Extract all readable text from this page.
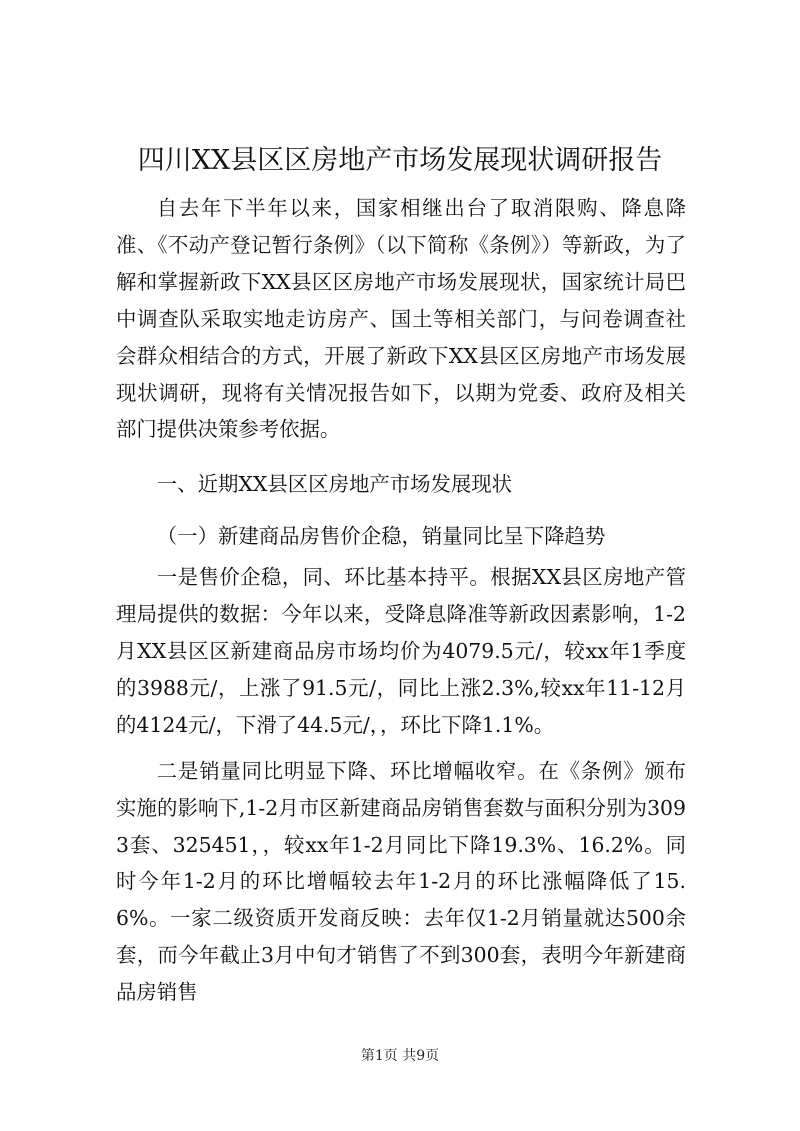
四川XX县区区房地产市场发展现状调研报告

自去年下半年以来，国家相继出台了取消限购、降息降准、《不动产登记暂行条例》（以下简称《条例》）等新政，为了解和掌握新政下XX县区区房地产市场发展现状，国家统计局巴中调查队采取实地走访房产、国土等相关部门，与问卷调查社会群众相结合的方式，开展了新政下XX县区区房地产市场发展现状调研，现将有关情况报告如下，以期为党委、政府及相关部门提供决策参考依据。

一、近期XX县区区房地产市场发展现状

（一）新建商品房售价企稳，销量同比呈下降趋势

一是售价企稳，同、环比基本持平。根据XX县区房地产管理局提供的数据：今年以来，受降息降准等新政因素影响，1-2月XX县区区新建商品房市场均价为4079.5元/，较xx年1季度的3988元/，上涨了91.5元/，同比上涨2.3%,较xx年11-12月的4124元/，下滑了44.5元/，，环比下降1.1%。

二是销量同比明显下降、环比增幅收窄。在《条例》颁布实施的影响下,1-2月市区新建商品房销售套数与面积分别为3093套、325451，，较xx年1-2月同比下降19.3%、16.2%。同时今年1-2月的环比增幅较去年1-2月的环比涨幅降低了15.6%。一家二级资质开发商反映：去年仅1-2月销量就达500余套，而今年截止3月中旬才销售了不到300套，表明今年新建商品房销售

第1页 共9页
